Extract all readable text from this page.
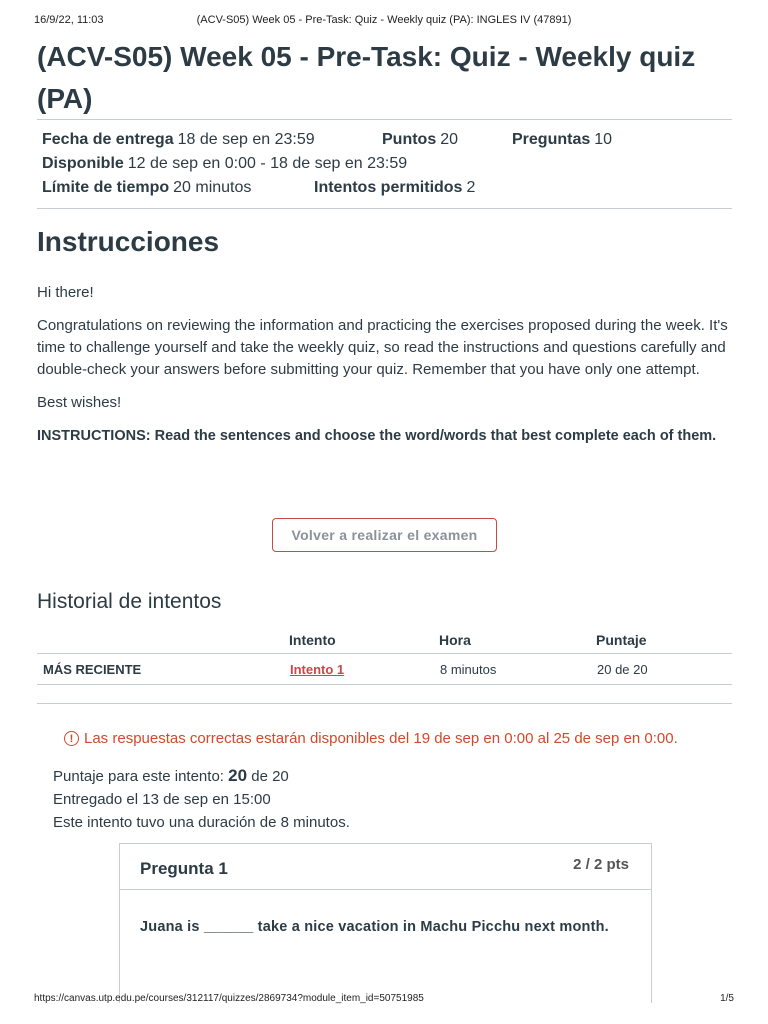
16/9/22, 11:03	(ACV-S05) Week 05 - Pre-Task: Quiz - Weekly quiz (PA): INGLES IV (47891)
(ACV-S05) Week 05 - Pre-Task: Quiz - Weekly quiz (PA)
Fecha de entrega 18 de sep en 23:59	Puntos 20	Preguntas 10
Disponible 12 de sep en 0:00 - 18 de sep en 23:59
Límite de tiempo 20 minutos	Intentos permitidos 2
Instrucciones

Hi there!

Congratulations on reviewing the information and practicing the exercises proposed during the week. It's time to challenge yourself and take the weekly quiz, so read the instructions and questions carefully and double-check your answers before submitting your quiz. Remember that you have only one attempt.

Best wishes!

INSTRUCTIONS: Read the sentences and choose the word/words that best complete each of them.

Volver a realizar el examen
Historial de intentos
	Intento	Hora	Puntaje
MÁS RECIENTE	Intento 1	8 minutos	20 de 20
! Las respuestas correctas estarán disponibles del 19 de sep en 0:00 al 25 de sep en 0:00.
Puntaje para este intento: 20 de 20
Entregado el 13 de sep en 15:00
Este intento tuvo una duración de 8 minutos.
Pregunta 1	2 / 2 pts
Juana is ______ take a nice vacation in Machu Picchu next month.
https://canvas.utp.edu.pe/courses/312117/quizzes/2869734?module_item_id=50751985	1/5
